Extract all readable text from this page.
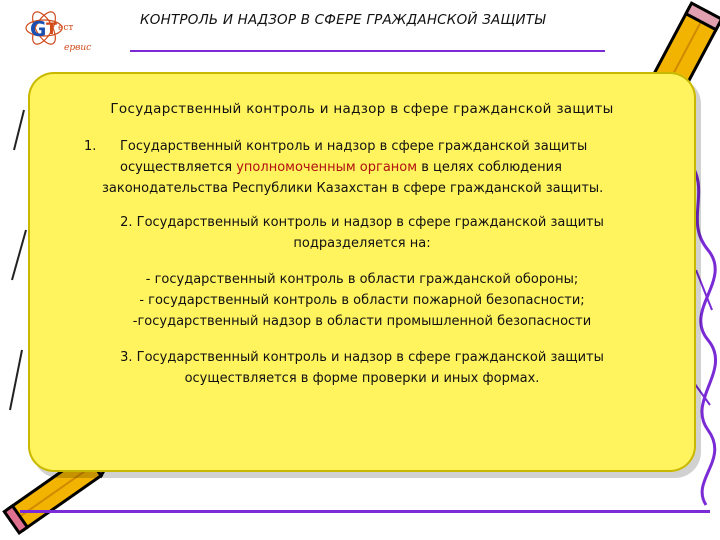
G T ест
ервис
КОНТРОЛЬ И НАДЗОР В СФЕРЕ ГРАЖДАНСКОЙ ЗАЩИТЫ
Государственный контроль и надзор в сфере гражданской защиты
1. Государственный контроль и надзор в сфере гражданской защиты
осуществляется уполномоченным органом в целях соблюдения
законодательства Республики Казахстан в сфере гражданской защиты.
2. Государственный контроль и надзор в сфере гражданской защиты
подразделяется на:
- государственный контроль в области гражданской обороны;
- государственный контроль в области пожарной безопасности;
-государственный надзор в области промышленной безопасности
3. Государственный контроль и надзор в сфере гражданской защиты
осуществляется в форме проверки и иных формах.
